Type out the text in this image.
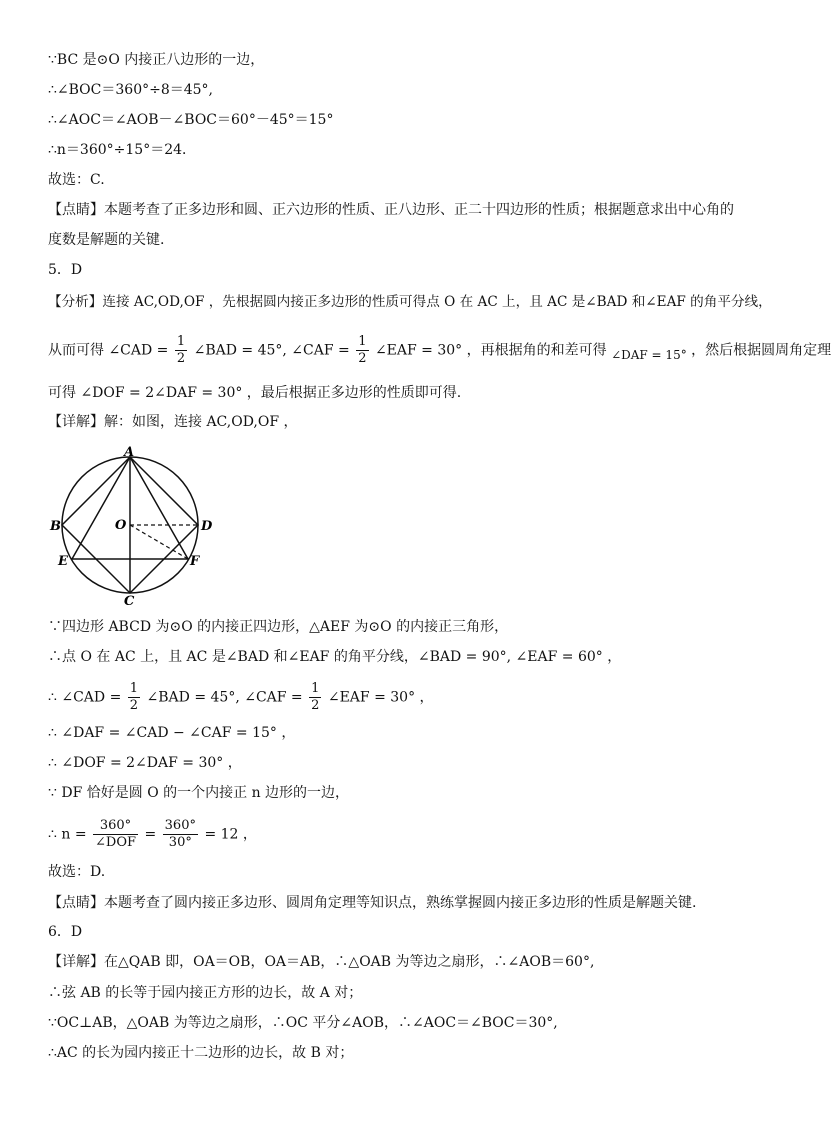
∵BC 是⊙O 内接正八边形的一边，
∴∠BOC＝360°÷8＝45°,
∴∠AOC＝∠AOB－∠BOC＝60°－45°＝15°
∴n＝360°÷15°＝24．
故选：C.
【点睛】本题考查了正多边形和圆、正六边形的性质、正八边形、正二十四边形的性质；根据题意求出中心角的
度数是解题的关键.
5．D
【分析】连接 AC,OD,OF ，先根据圆内接正多边形的性质可得点 O 在 AC 上，且 AC 是∠BAD 和∠EAF 的角平分线，
从而可得 ∠CAD = $\frac{1}{2}$ ∠BAD = 45°, ∠CAF = $\frac{1}{2}$ ∠EAF = 30° ，再根据角的和差可得 ∠DAF = 15° ，然后根据圆周角定理
可得 ∠DOF = 2∠DAF = 30° ，最后根据正多边形的性质即可得.
【详解】解：如图，连接 AC,OD,OF ，
A
B	O	D
E	F
C
∵四边形 ABCD 为⊙O 的内接正四边形，△AEF 为⊙O 的内接正三角形，
∴点 O 在 AC 上，且 AC 是∠BAD 和∠EAF 的角平分线，∠BAD = 90°, ∠EAF = 60° ，
∴ ∠CAD = $\frac{1}{2}$ ∠BAD = 45°, ∠CAF = $\frac{1}{2}$ ∠EAF = 30° ，
∴ ∠DAF = ∠CAD − ∠CAF = 15° ，
∴ ∠DOF = 2∠DAF = 30° ，
∵ DF 恰好是圆 O 的一个内接正 n 边形的一边，
∴ $n = \frac{360^\circ}{\text{∠DOF}} = \frac{360^\circ}{30^\circ} = 12$ ，
故选：D.
【点睛】本题考查了圆内接正多边形、圆周角定理等知识点，熟练掌握圆内接正多边形的性质是解题关键.
6．D
【详解】在△QAB 即，OA＝OB，OA＝AB，∴△OAB 为等边之扇形，∴∠AOB＝60°,
∴弦 AB 的长等于园内接正方形的边长，故 A 对；
∵OC⊥AB，△OAB 为等边之扇形，∴OC 平分∠AOB，∴∠AOC＝∠BOC＝30°,
∴AC 的长为园内接正十二边形的边长，故 B 对；
